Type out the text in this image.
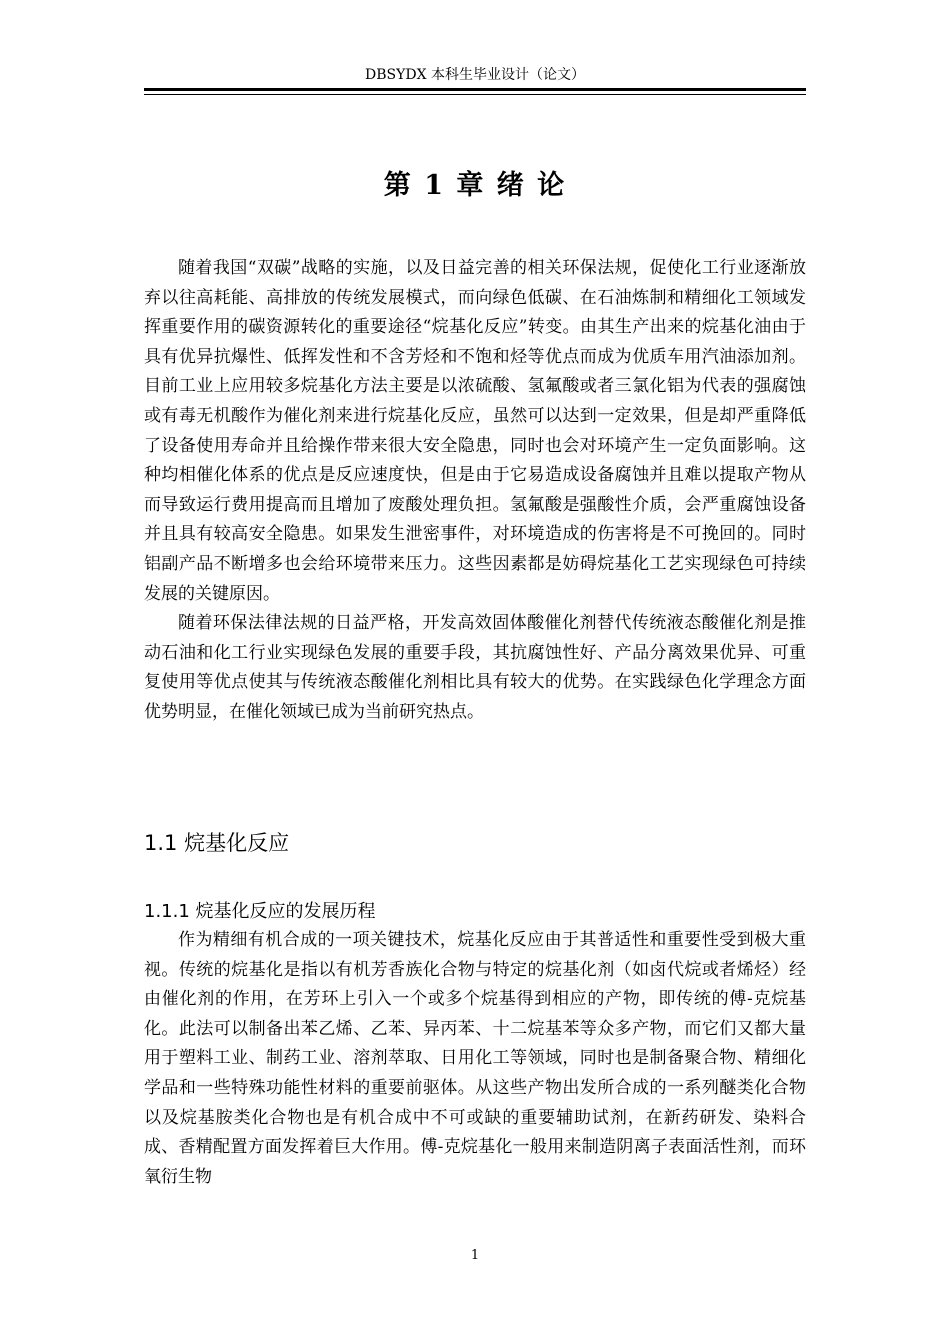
DBSYDX 本科生毕业设计（论文）
第 1 章 绪 论

随着我国“双碳”战略的实施，以及日益完善的相关环保法规，促使化工行业逐渐放弃以往高耗能、高排放的传统发展模式，而向绿色低碳、在石油炼制和精细化工领域发挥重要作用的碳资源转化的重要途径“烷基化反应”转变。由其生产出来的烷基化油由于具有优异抗爆性、低挥发性和不含芳烃和不饱和烃等优点而成为优质车用汽油添加剂。目前工业上应用较多烷基化方法主要是以浓硫酸、氢氟酸或者三氯化铝为代表的强腐蚀或有毒无机酸作为催化剂来进行烷基化反应，虽然可以达到一定效果，但是却严重降低了设备使用寿命并且给操作带来很大安全隐患，同时也会对环境产生一定负面影响。这种均相催化体系的优点是反应速度快，但是由于它易造成设备腐蚀并且难以提取产物从而导致运行费用提高而且增加了废酸处理负担。氢氟酸是强酸性介质，会严重腐蚀设备并且具有较高安全隐患。如果发生泄密事件，对环境造成的伤害将是不可挽回的。同时铝副产品不断增多也会给环境带来压力。这些因素都是妨碍烷基化工艺实现绿色可持续发展的关键原因。

随着环保法律法规的日益严格，开发高效固体酸催化剂替代传统液态酸催化剂是推动石油和化工行业实现绿色发展的重要手段，其抗腐蚀性好、产品分离效果优异、可重复使用等优点使其与传统液态酸催化剂相比具有较大的优势。在实践绿色化学理念方面优势明显，在催化领域已成为当前研究热点。

1.1 烷基化反应
1.1.1 烷基化反应的发展历程

作为精细有机合成的一项关键技术，烷基化反应由于其普适性和重要性受到极大重视。传统的烷基化是指以有机芳香族化合物与特定的烷基化剂（如卤代烷或者烯烃）经由催化剂的作用，在芳环上引入一个或多个烷基得到相应的产物，即传统的傅-克烷基化。此法可以制备出苯乙烯、乙苯、异丙苯、十二烷基苯等众多产物，而它们又都大量用于塑料工业、制药工业、溶剂萃取、日用化工等领域，同时也是制备聚合物、精细化学品和一些特殊功能性材料的重要前驱体。从这些产物出发所合成的一系列醚类化合物以及烷基胺类化合物也是有机合成中不可或缺的重要辅助试剂，在新药研发、染料合成、香精配置方面发挥着巨大作用。傅-克烷基化一般用来制造阴离子表面活性剂，而环氧衍生物

1
